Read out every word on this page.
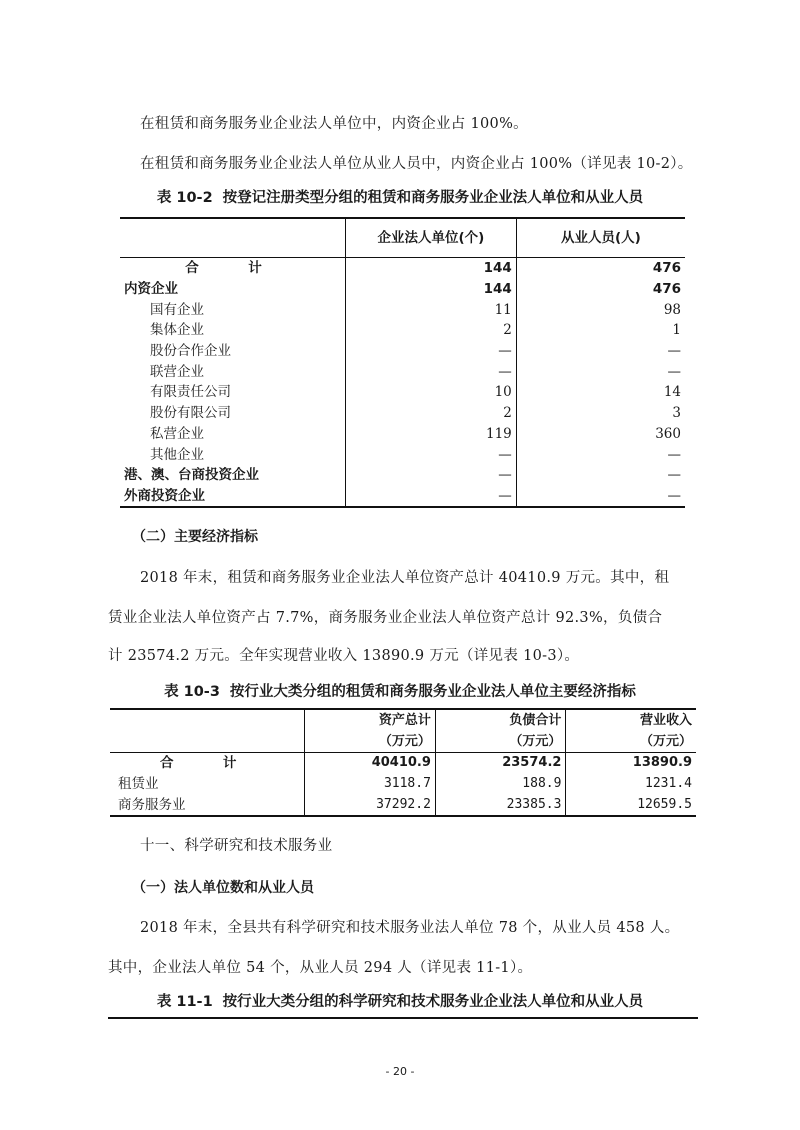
在租赁和商务服务业企业法人单位中，内资企业占 100%。
在租赁和商务服务业企业法人单位从业人员中，内资企业占 100%（详见表 10-2）。
表 10-2 按登记注册类型分组的租赁和商务服务业企业法人单位和从业人员
	企业法人单位(个)	从业人员(人)
合　计	144	476
内资企业	144	476
国有企业	11	98
集体企业	2	1
股份合作企业	—	—
联营企业	—	—
有限责任公司	10	14
股份有限公司	2	3
私营企业	119	360
其他企业	—	—
港、澳、台商投资企业	—	—
外商投资企业	—	—
（二）主要经济指标
2018 年末，租赁和商务服务业企业法人单位资产总计 40410.9 万元。其中，租
赁业企业法人单位资产占 7.7%，商务服务业企业法人单位资产总计 92.3%，负债合
计 23574.2 万元。全年实现营业收入 13890.9 万元（详见表 10-3）。
表 10-3 按行业大类分组的租赁和商务服务业企业法人单位主要经济指标
	资产总计	负债合计	营业收入
	（万元）	（万元）	（万元）
合　计	40410.9	23574.2	13890.9
租赁业	3118.7	188.9	1231.4
商务服务业	37292.2	23385.3	12659.5
十一、科学研究和技术服务业
（一）法人单位数和从业人员
2018 年末，全县共有科学研究和技术服务业法人单位 78 个，从业人员 458 人。
其中，企业法人单位 54 个，从业人员 294 人（详见表 11-1）。
表 11-1 按行业大类分组的科学研究和技术服务业企业法人单位和从业人员
- 20 -
